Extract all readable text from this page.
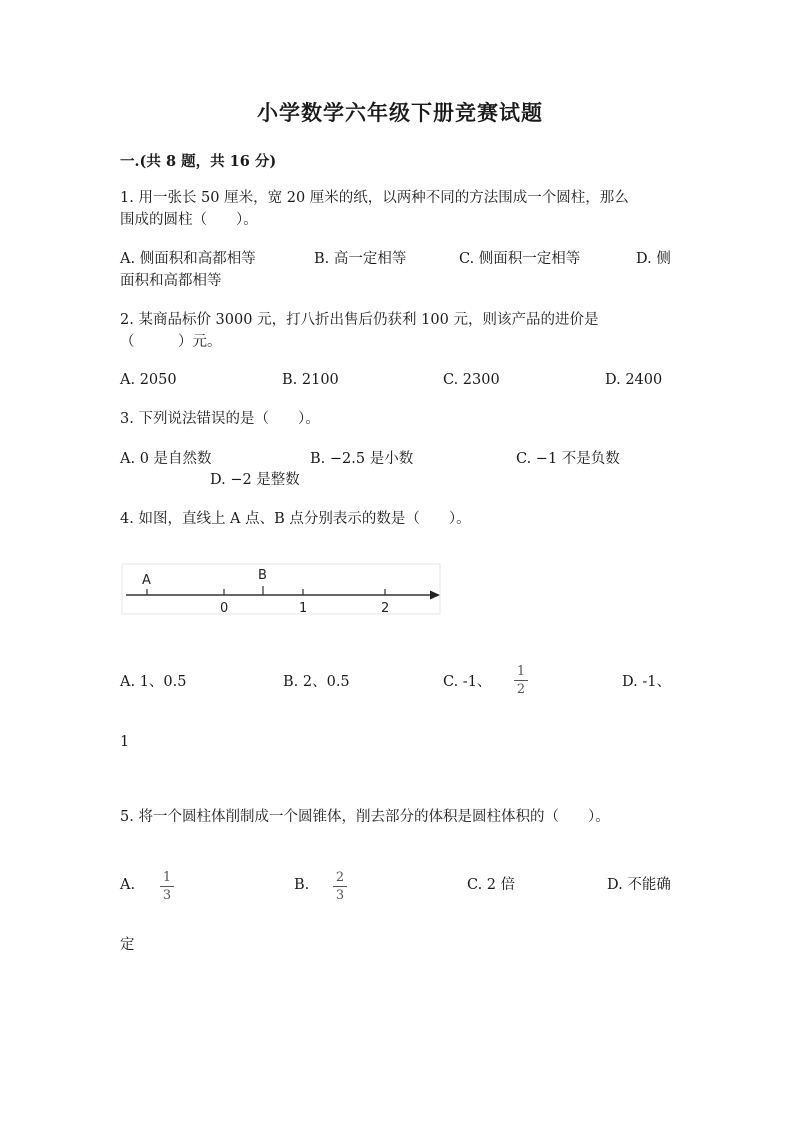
小学数学六年级下册竞赛试题
一.(共 8 题，共 16 分)
1. 用一张长 50 厘米，宽 20 厘米的纸，以两种不同的方法围成一个圆柱，那么
围成的圆柱（　　）。
A. 侧面积和高都相等	B. 高一定相等	C. 侧面积一定相等	D. 侧
面积和高都相等
2. 某商品标价 3000 元，打八折出售后仍获利 100 元，则该产品的进价是
（　　　）元。
A. 2050	B. 2100	C. 2300	D. 2400
3. 下列说法错误的是（　　）。
A. 0 是自然数	B. −2.5 是小数	C. −1 不是负数
D. −2 是整数
4. 如图，直线上 A 点、B 点分别表示的数是（　　）。
A	B
0	1	2
A. 1、0.5	B. 2、0.5	C. -1、
1
2	D. -1、
1
5. 将一个圆柱体削制成一个圆锥体，削去部分的体积是圆柱体积的（　　）。
A.	1
3
B.	2
3
C. 2 倍	D. 不能确
定
